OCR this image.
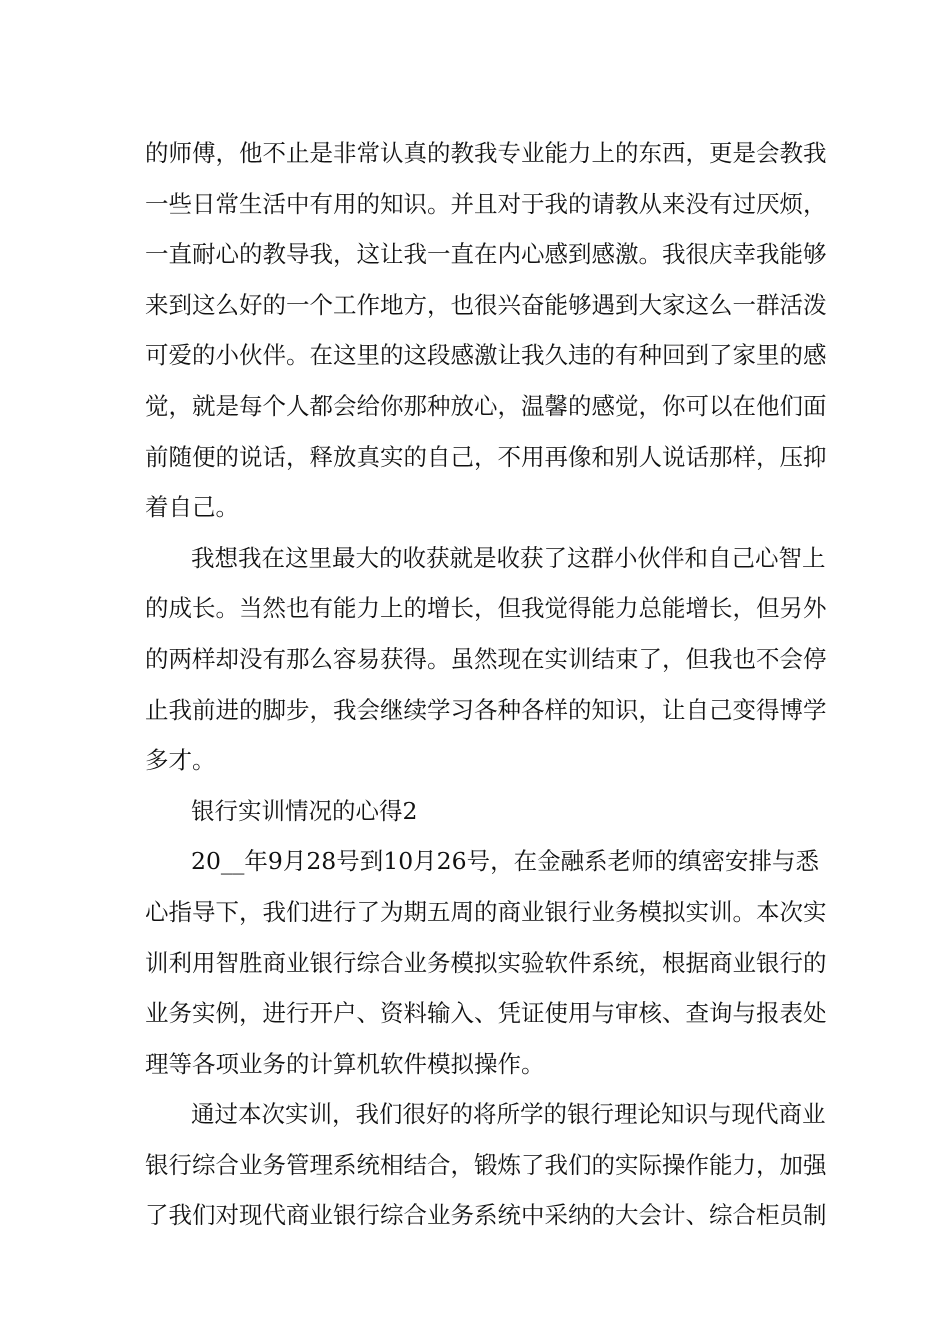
的师傅，他不止是非常认真的教我专业能力上的东西，更是会教我
一些日常生活中有用的知识。并且对于我的请教从来没有过厌烦，
一直耐心的教导我，这让我一直在内心感到感激。我很庆幸我能够
来到这么好的一个工作地方，也很兴奋能够遇到大家这么一群活泼
可爱的小伙伴。在这里的这段感激让我久违的有种回到了家里的感
觉，就是每个人都会给你那种放心，温馨的感觉，你可以在他们面
前随便的说话，释放真实的自己，不用再像和别人说话那样，压抑
着自己。
我想我在这里最大的收获就是收获了这群小伙伴和自己心智上
的成长。当然也有能力上的增长，但我觉得能力总能增长，但另外
的两样却没有那么容易获得。虽然现在实训结束了，但我也不会停
止我前进的脚步，我会继续学习各种各样的知识，让自己变得博学
多才。
银行实训情况的心得2
20__年9月28号到10月26号，在金融系老师的缜密安排与悉
心指导下，我们进行了为期五周的商业银行业务模拟实训。本次实
训利用智胜商业银行综合业务模拟实验软件系统，根据商业银行的
业务实例，进行开户、资料输入、凭证使用与审核、查询与报表处
理等各项业务的计算机软件模拟操作。
通过本次实训，我们很好的将所学的银行理论知识与现代商业
银行综合业务管理系统相结合，锻炼了我们的实际操作能力，加强
了我们对现代商业银行综合业务系统中采纳的大会计、综合柜员制
